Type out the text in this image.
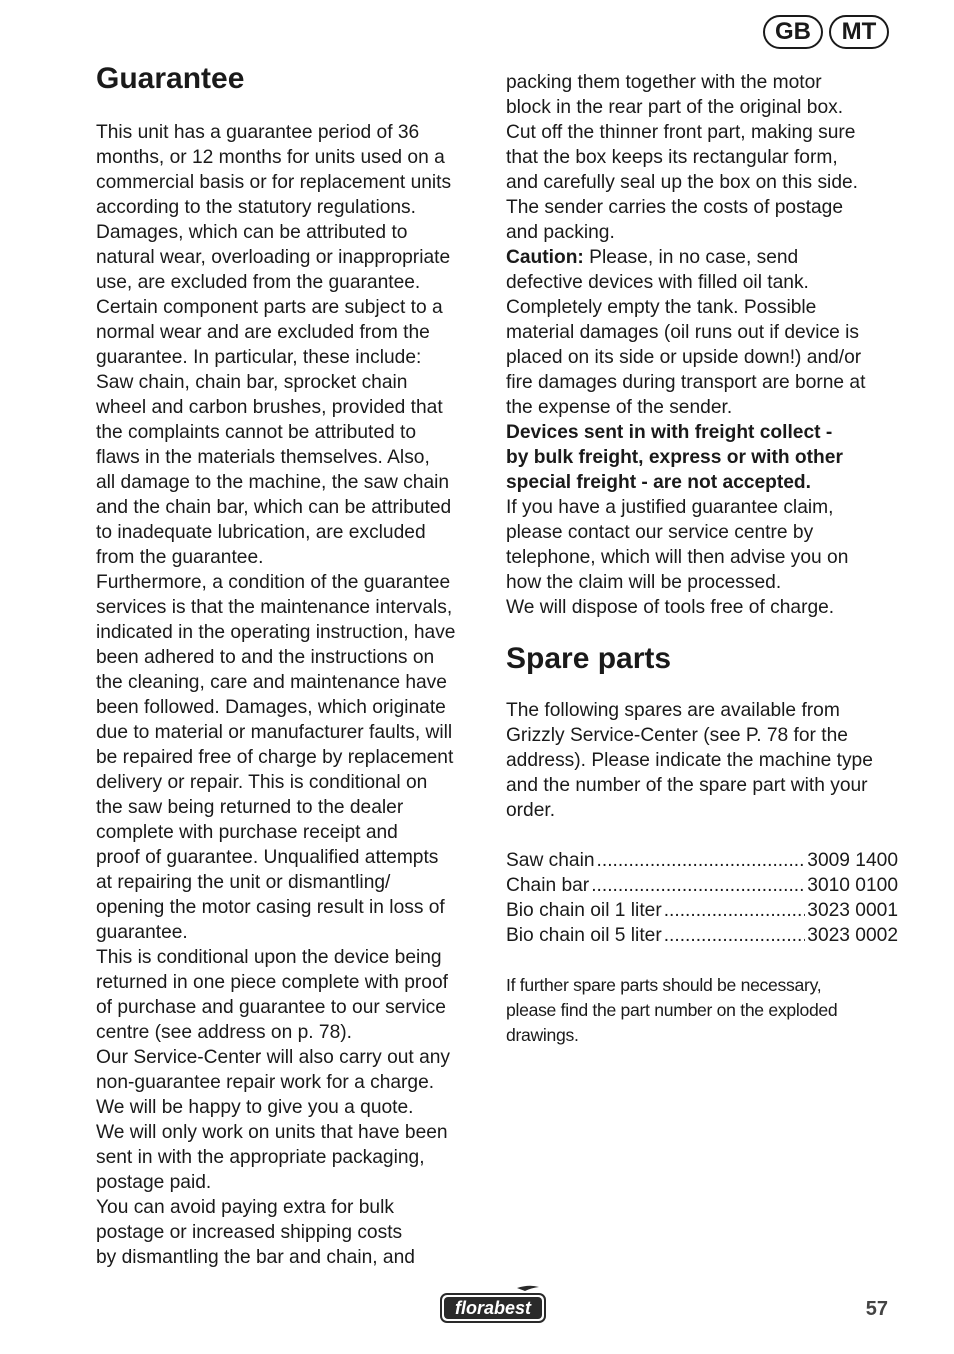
GB	MT
Guarantee
This unit has a guarantee period of 36
months, or 12 months for units used on a
commercial basis or for replacement units
according to the statutory regulations.
Damages, which can be attributed to
natural wear, overloading or inappropriate
use, are excluded from the guarantee.
Certain component parts are subject to a
normal wear and are excluded from the
guarantee. In particular, these include:
Saw chain, chain bar, sprocket chain
wheel and carbon brushes, provided that
the complaints cannot be attributed to
flaws in the materials themselves. Also,
all damage to the machine, the saw chain
and the chain bar, which can be attributed
to inadequate lubrication, are excluded
from the guarantee.
Furthermore, a condition of the guarantee
services is that the maintenance intervals,
indicated in the operating instruction, have
been adhered to and the instructions on
the cleaning, care and maintenance have
been followed. Damages, which originate
due to material or manufacturer faults, will
be repaired free of charge by replacement
delivery or repair. This is conditional on
the saw being returned to the dealer
complete with purchase receipt and
proof of guarantee. Unqualified attempts
at repairing the unit or dismantling/
opening the motor casing result in loss of
guarantee.
This is conditional upon the device being
returned in one piece complete with proof
of purchase and guarantee to our service
centre (see address on p. 78).
Our Service-Center will also carry out any
non-guarantee repair work for a charge.
We will be happy to give you a quote.
We will only work on units that have been
sent in with the appropriate packaging,
postage paid.
You can avoid paying extra for bulk
postage or increased shipping costs
by dismantling the bar and chain, and
packing them together with the motor
block in the rear part of the original box.
Cut off the thinner front part, making sure
that the box keeps its rectangular form,
and carefully seal up the box on this side.
The sender carries the costs of postage
and packing.

Caution: Please, in no case, send

defective devices with filled oil tank.
Completely empty the tank. Possible
material damages (oil runs out if device is
placed on its side or upside down!) and/or
fire damages during transport are borne at
the expense of the sender.
Devices sent in with freight collect -
by bulk freight, express or with other
special freight - are not accepted.
If you have a justified guarantee claim,
please contact our service centre by
telephone, which will then advise you on
how the claim will be processed.
We will dispose of tools free of charge.
Spare parts
The following spares are available from
Grizzly Service-Center (see P. 78 for the
address). Please indicate the machine type
and the number of the spare part with your
order.
Saw chain .....	3009 1400
Chain bar .....	3010 0100
Bio chain oil 1 liter .....	3023 0001
Bio chain oil 5 liter .....	3023 0002
If further spare parts should be necessary,
please find the part number on the exploded
drawings.
florabest	57
